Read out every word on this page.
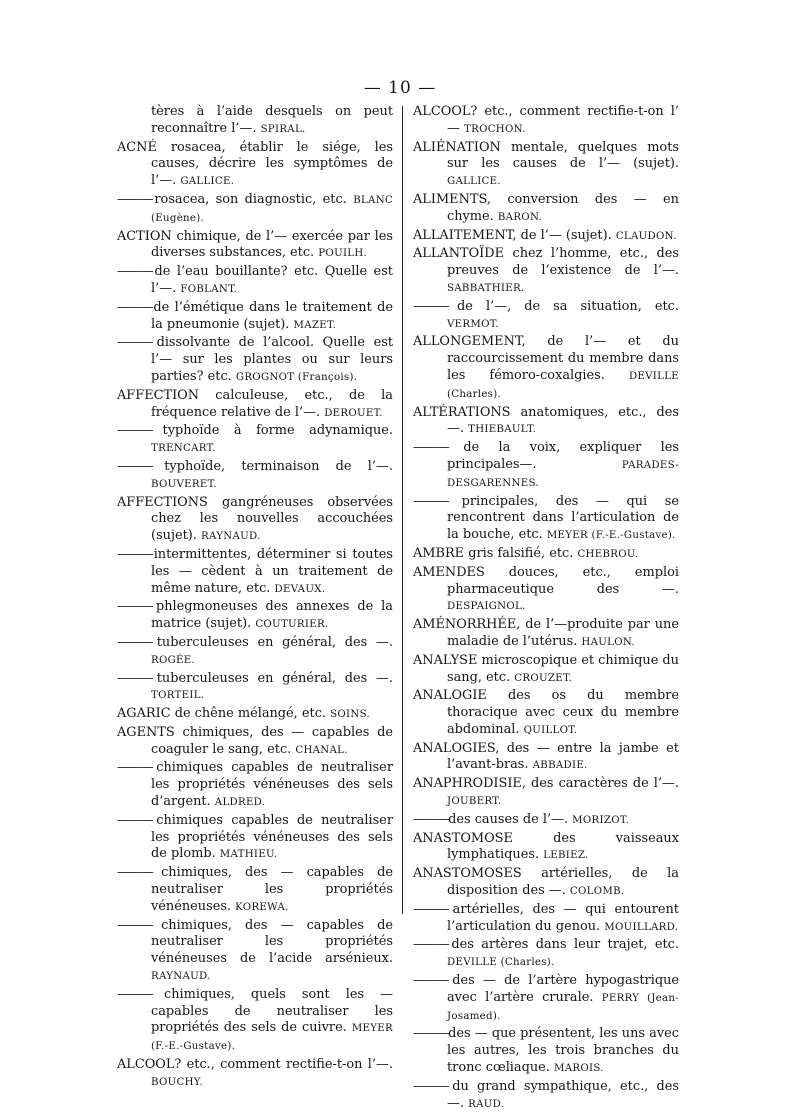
— 10 —
tères à l’aide desquels on peut reconnaître l’—. SPIRAL.
ACNÉ rosacea, établir le siége, les causes, décrire les symptômes de l’—. GALLICE.
——— rosacea, son diagnostic, etc. BLANC (Eugène).
ACTION chimique, de l’— exercée par les diverses substances, etc. POUILH.
——— de l’eau bouillante? etc. Quelle est l’—. FOBLANT.
——— de l’émétique dans le traitement de la pneumonie (sujet). MAZET.
——— dissolvante de l’alcool. Quelle est l’— sur les plantes ou sur leurs parties? etc. GROGNOT (François).
AFFECTION calculeuse, etc., de la fréquence relative de l’—. DEROUET.
——— typhoïde à forme adynamique. TRENCART.
——— typhoïde, terminaison de l’—. BOUVERET.
AFFECTIONS gangréneuses observées chez les nouvelles accouchées (sujet). RAYNAUD.
——— intermittentes, déterminer si toutes les — cèdent à un traitement de même nature, etc. DEVAUX.
——— phlegmoneuses des annexes de la matrice (sujet). COUTURIER.
——— tuberculeuses en général, des —. ROGÉE.
——— tuberculeuses en général, des —. TORTEIL.
AGARIC de chêne mélangé, etc. SOINS.
AGENTS chimiques, des — capables de coaguler le sang, etc. CHANAL.
——— chimiques capables de neutraliser les propriétés vénéneuses des sels d’argent. ALDRED.
——— chimiques capables de neutraliser les propriétés vénéneuses des sels de plomb. MATHIEU.
——— chimiques, des — capables de neutraliser les propriétés vénéneuses. KOREWA.
——— chimiques, des — capables de neutraliser les propriétés vénéneuses de l’acide arsénieux. RAYNAUD.
——— chimiques, quels sont les — capables de neutraliser les propriétés des sels de cuivre. MEYER (F.-E.-Gustave).
ALCOOL? etc., comment rectifie-t-on l’—. BOUCHY.
ALCOOL? etc., comment rectifie-t-on l’ — TROCHON.
ALIÉNATION mentale, quelques mots sur les causes de l’— (sujet). GALLICE.
ALIMENTS, conversion des — en chyme. BARON.
ALLAITEMENT, de l’— (sujet). CLAUDON.
ALLANTOÏDE chez l’homme, etc., des preuves de l’existence de l’—. SABBATHIER.
——— de l’—, de sa situation, etc. VERMOT.
ALLONGEMENT, de l’— et du raccourcissement du membre dans les fémoro-coxalgies. DEVILLE (Charles).
ALTÉRATIONS anatomiques, etc., des —. THIEBAULT.
——— de la voix, expliquer les principales—.	PARADES-DESGARENNES.
——— principales, des — qui se rencontrent dans l’articulation de la bouche, etc. MEYER (F.-E.-Gustave).
AMBRE gris falsifié, etc. CHEBROU.
AMENDES douces, etc., emploi pharmaceutique des —. DESPAIGNOL.
AMÉNORRHÉE, de l’—produite par une maladie de l’utérus. HAULON.
ANALYSE microscopique et chimique du sang, etc. CROUZET.
ANALOGIE des os du membre thoracique avec ceux du membre abdominal. QUILLOT.
ANALOGIES, des — entre la jambe et l’avant-bras. ABBADIE.
ANAPHRODISIE, des caractères de l’—. JOUBERT.
——— des causes de l’—. MORIZOT.
ANASTOMOSE	des vaisseaux lymphatiques. LEBIEZ.
ANASTOMOSES artérielles, de la disposition des —. COLOMB.
——— artérielles, des — qui entourent l’articulation du genou. MOUILLARD.
——— des artères dans leur trajet, etc. DEVILLE (Charles).
——— des — de l’artère hypogastrique avec l’artère crurale. PERRY (Jean-Josamed).
——— des — que présentent, les uns avec les autres, les trois branches du tronc cœliaque. MAROIS.
——— du grand sympathique, etc., des —. RAUD.
